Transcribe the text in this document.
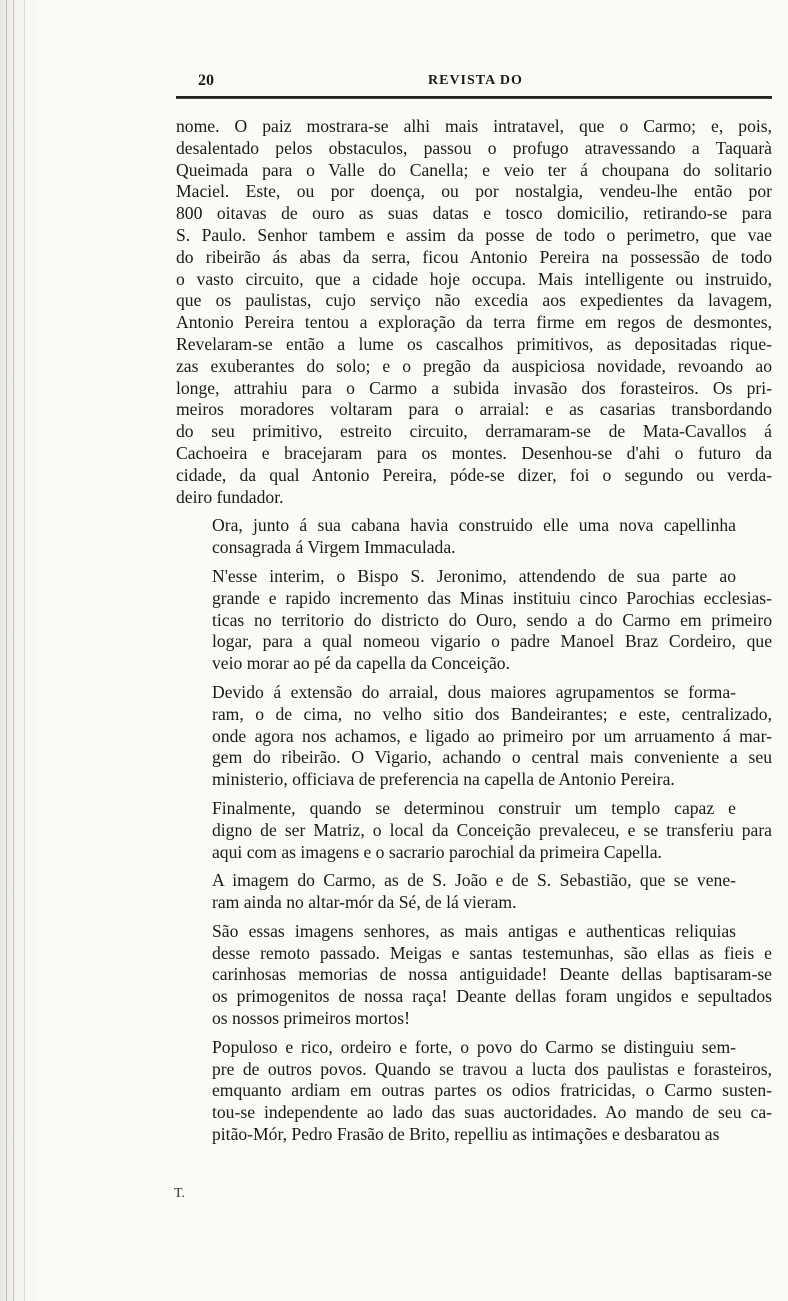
20	REVISTA DO
nome. O paiz mostrara-se alhi mais intratavel, que o Carmo; e, pois,
desalentado pelos obstaculos, passou o profugo atravessando a Taquarà
Queimada para o Valle do Canella; e veio ter á choupana do solitario
Maciel. Este, ou por doença, ou por nostalgia, vendeu-lhe então por
800 oitavas de ouro as suas datas e tosco domicilio, retirando-se para
S. Paulo. Senhor tambem e assim da posse de todo o perimetro, que vae
do ribeirão ás abas da serra, ficou Antonio Pereira na possessão de todo
o vasto circuito, que a cidade hoje occupa. Mais intelligente ou instruido,
que os paulistas, cujo serviço não excedia aos expedientes da lavagem,
Antonio Pereira tentou a exploração da terra firme em regos de desmontes,
Revelaram-se então a lume os cascalhos primitivos, as depositadas rique-
zas exuberantes do solo; e o pregão da auspiciosa novidade, revoando ao
longe, attrahiu para o Carmo a subida invasão dos forasteiros. Os pri-
meiros moradores voltaram para o arraial: e as casarias transbordando
do seu primitivo, estreito circuito, derramaram-se de Mata-Cavallos á
Cachoeira e bracejaram para os montes. Desenhou-se d'ahi o futuro da
cidade, da qual Antonio Pereira, póde-se dizer, foi o segundo ou verda-
deiro fundador.
Ora, junto á sua cabana havia construido elle uma nova capellinha
consagrada á Virgem Immaculada.
N'esse interim, o Bispo S. Jeronimo, attendendo de sua parte ao
grande e rapido incremento das Minas instituiu cinco Parochias ecclesias-
ticas no territorio do districto do Ouro, sendo a do Carmo em primeiro
logar, para a qual nomeou vigario o padre Manoel Braz Cordeiro, que
veio morar ao pé da capella da Conceição.
Devido á extensão do arraial, dous maiores agrupamentos se forma-
ram, o de cima, no velho sitio dos Bandeirantes; e este, centralizado,
onde agora nos achamos, e ligado ao primeiro por um arruamento á mar-
gem do ribeirão. O Vigario, achando o central mais conveniente a seu
ministerio, officiava de preferencia na capella de Antonio Pereira.
Finalmente, quando se determinou construir um templo capaz e
digno de ser Matriz, o local da Conceição prevaleceu, e se transferiu para
aqui com as imagens e o sacrario parochial da primeira Capella.
A imagem do Carmo, as de S. João e de S. Sebastião, que se vene-
ram ainda no altar-mór da Sé, de lá vieram.
São essas imagens senhores, as mais antigas e authenticas reliquias
desse remoto passado. Meigas e santas testemunhas, são ellas as fieis e
carinhosas memorias de nossa antiguidade! Deante dellas baptisaram-se
os primogenitos de nossa raça! Deante dellas foram ungidos e sepultados
os nossos primeiros mortos!
Populoso e rico, ordeiro e forte, o povo do Carmo se distinguiu sem-
pre de outros povos. Quando se travou a lucta dos paulistas e forasteiros,
emquanto ardiam em outras partes os odios fratricidas, o Carmo susten-
tou-se independente ao lado das suas auctoridades. Ao mando de seu ca-
pitão-Mór, Pedro Frasão de Brito, repelliu as intimações e desbaratou as
T.
